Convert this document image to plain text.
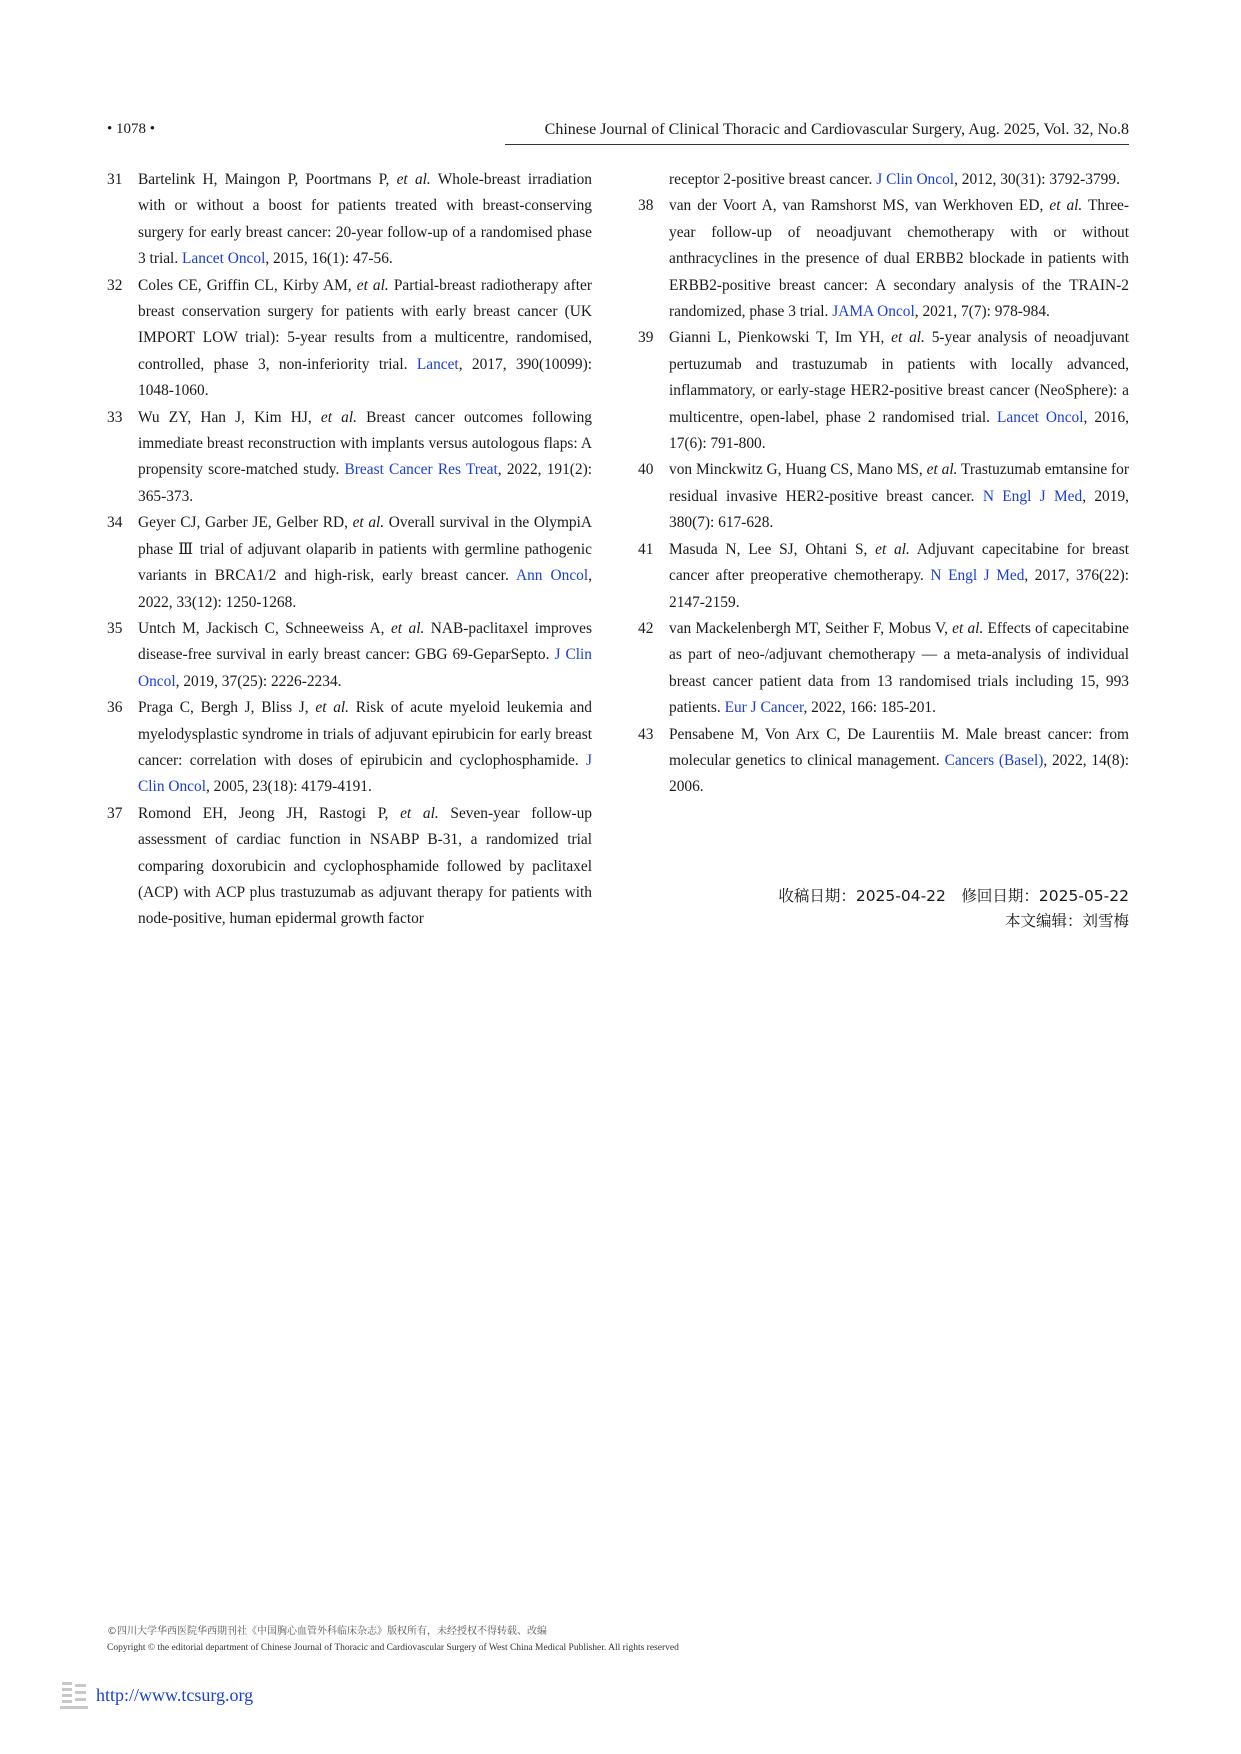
• 1078 •	Chinese Journal of Clinical Thoracic and Cardiovascular Surgery, Aug. 2025, Vol. 32, No.8
31 Bartelink H, Maingon P, Poortmans P, et al. Whole-breast irradiation with or without a boost for patients treated with breast-conserving surgery for early breast cancer: 20-year follow-up of a randomised phase 3 trial. Lancet Oncol, 2015, 16(1): 47-56.
32 Coles CE, Griffin CL, Kirby AM, et al. Partial-breast radiotherapy after breast conservation surgery for patients with early breast cancer (UK IMPORT LOW trial): 5-year results from a multicentre, randomised, controlled, phase 3, non-inferiority trial. Lancet, 2017, 390(10099): 1048-1060.
33 Wu ZY, Han J, Kim HJ, et al. Breast cancer outcomes following immediate breast reconstruction with implants versus autologous flaps: A propensity score-matched study. Breast Cancer Res Treat, 2022, 191(2): 365-373.
34 Geyer CJ, Garber JE, Gelber RD, et al. Overall survival in the OlympiA phase Ⅲ trial of adjuvant olaparib in patients with germline pathogenic variants in BRCA1/2 and high-risk, early breast cancer. Ann Oncol, 2022, 33(12): 1250-1268.
35 Untch M, Jackisch C, Schneeweiss A, et al. NAB-paclitaxel improves disease-free survival in early breast cancer: GBG 69-GeparSepto. J Clin Oncol, 2019, 37(25): 2226-2234.
36 Praga C, Bergh J, Bliss J, et al. Risk of acute myeloid leukemia and myelodysplastic syndrome in trials of adjuvant epirubicin for early breast cancer: correlation with doses of epirubicin and cyclophosphamide. J Clin Oncol, 2005, 23(18): 4179-4191.
37 Romond EH, Jeong JH, Rastogi P, et al. Seven-year follow-up assessment of cardiac function in NSABP B-31, a randomized trial comparing doxorubicin and cyclophosphamide followed by paclitaxel (ACP) with ACP plus trastuzumab as adjuvant therapy for patients with node-positive, human epidermal growth factor
receptor 2-positive breast cancer. J Clin Oncol, 2012, 30(31): 3792-3799.
38 van der Voort A, van Ramshorst MS, van Werkhoven ED, et al. Three-year follow-up of neoadjuvant chemotherapy with or without anthracyclines in the presence of dual ERBB2 blockade in patients with ERBB2-positive breast cancer: A secondary analysis of the TRAIN-2 randomized, phase 3 trial. JAMA Oncol, 2021, 7(7): 978-984.
39 Gianni L, Pienkowski T, Im YH, et al. 5-year analysis of neoadjuvant pertuzumab and trastuzumab in patients with locally advanced, inflammatory, or early-stage HER2-positive breast cancer (NeoSphere): a multicentre, open-label, phase 2 randomised trial. Lancet Oncol, 2016, 17(6): 791-800.
40 von Minckwitz G, Huang CS, Mano MS, et al. Trastuzumab emtansine for residual invasive HER2-positive breast cancer. N Engl J Med, 2019, 380(7): 617-628.
41 Masuda N, Lee SJ, Ohtani S, et al. Adjuvant capecitabine for breast cancer after preoperative chemotherapy. N Engl J Med, 2017, 376(22): 2147-2159.
42 van Mackelenbergh MT, Seither F, Mobus V, et al. Effects of capecitabine as part of neo-/adjuvant chemotherapy — a meta-analysis of individual breast cancer patient data from 13 randomised trials including 15, 993 patients. Eur J Cancer, 2022, 166: 185-201.
43 Pensabene M, Von Arx C, De Laurentiis M. Male breast cancer: from molecular genetics to clinical management. Cancers (Basel), 2022, 14(8): 2006.
收稿日期：2025-04-22　修回日期：2025-05-22
本文编辑：刘雪梅
©四川大学华西医院华西期刊社《中国胸心血管外科临床杂志》版权所有，未经授权不得转载、改编
Copyright © the editorial department of Chinese Journal of Thoracic and Cardiovascular Surgery of West China Medical Publisher. All rights reserved
http://www.tcsurg.org
